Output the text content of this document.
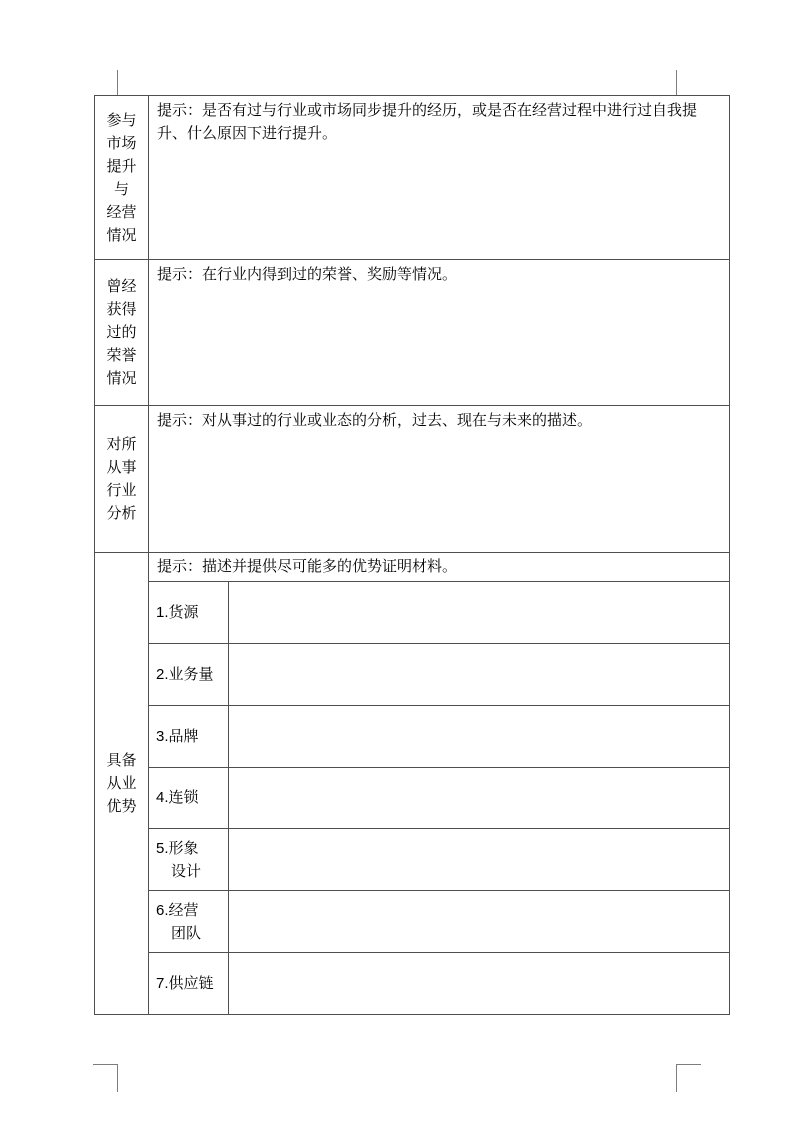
参与
市场
提升
与
经营
情况
提示：是否有过与行业或市场同步提升的经历，或是否在经营过程中进行过自我提升、什么原因下进行提升。
曾经
获得
过的
荣誉
情况
提示：在行业内得到过的荣誉、奖励等情况。
对所
从事
行业
分析
提示：对从事过的行业或业态的分析，过去、现在与未来的描述。
具备
从业
优势
提示：描述并提供尽可能多的优势证明材料。
1.货源
2.业务量
3.品牌
4.连锁
5.形象
设计
6.经营
团队
7.供应链
